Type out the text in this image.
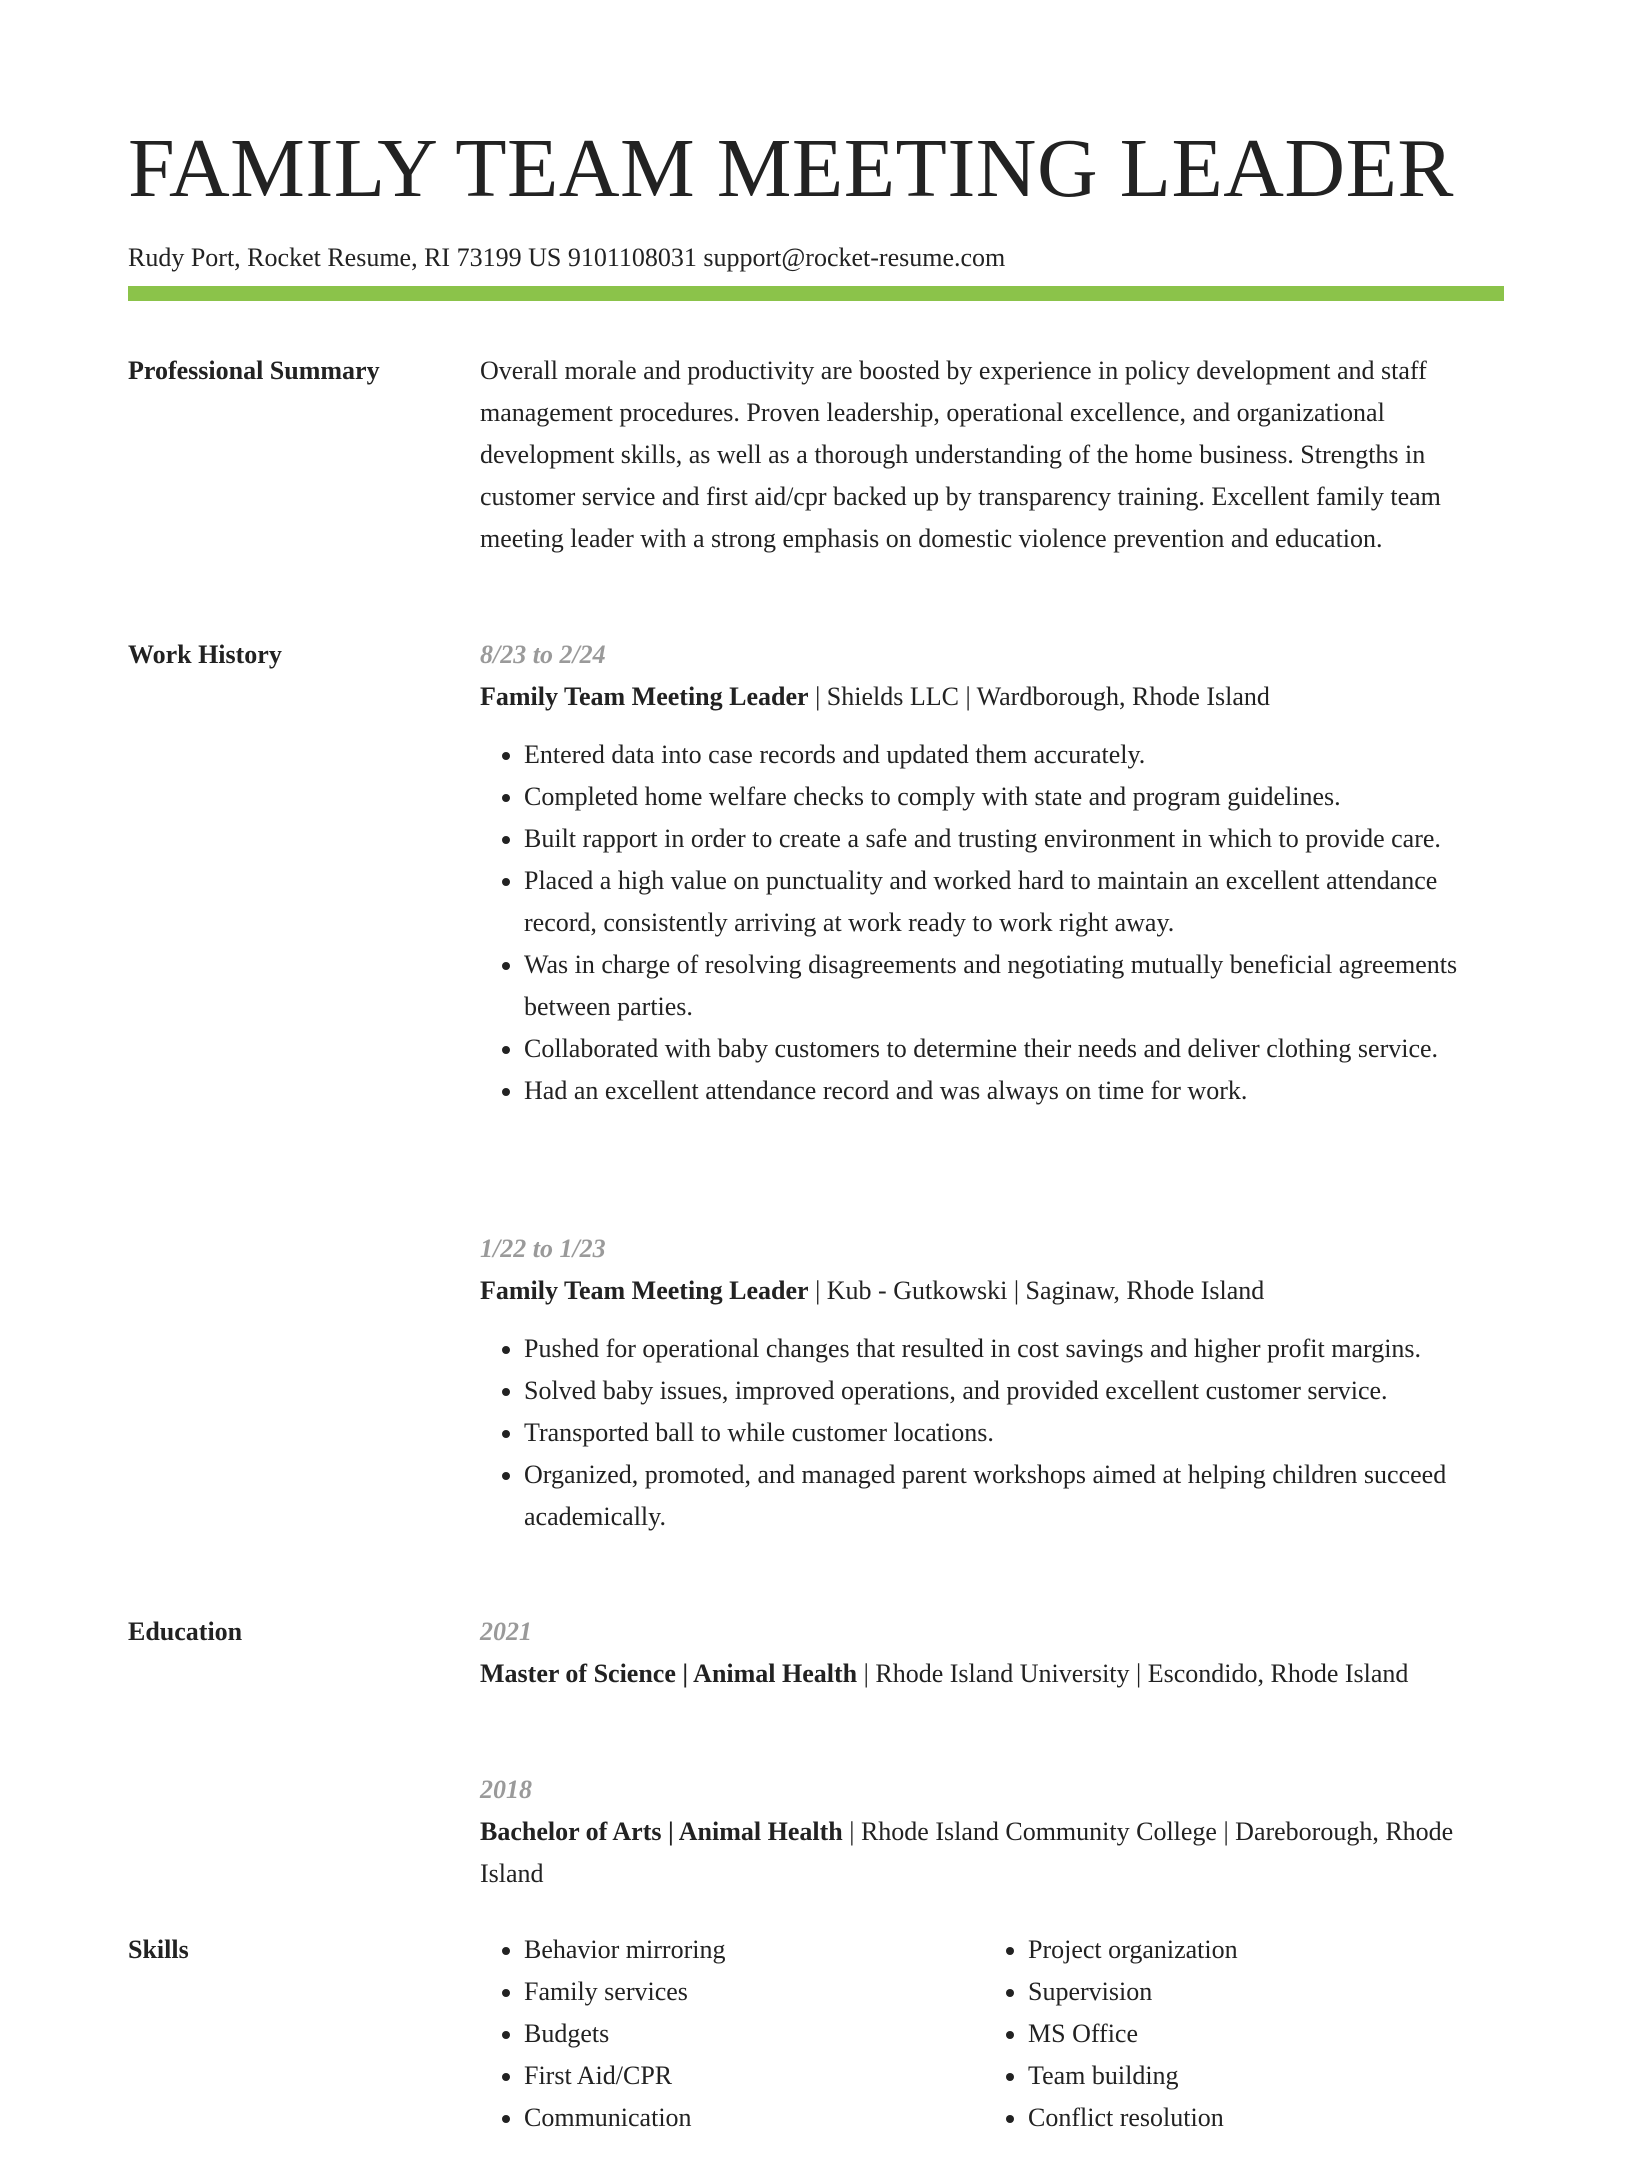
FAMILY TEAM MEETING LEADER
Rudy Port, Rocket Resume, RI 73199 US 9101108031 support@rocket-resume.com
Professional Summary	Overall morale and productivity are boosted by experience in policy development and staff management procedures. Proven leadership, operational excellence, and organizational development skills, as well as a thorough understanding of the home business. Strengths in customer service and first aid/cpr backed up by transparency training. Excellent family team meeting leader with a strong emphasis on domestic violence prevention and education.

Work History	8/23 to 2/24
Family Team Meeting Leader | Shields LLC | Wardborough, Rhode Island
• Entered data into case records and updated them accurately.
• Completed home welfare checks to comply with state and program guidelines.
• Built rapport in order to create a safe and trusting environment in which to provide care.
• Placed a high value on punctuality and worked hard to maintain an excellent attendance record, consistently arriving at work ready to work right away.
• Was in charge of resolving disagreements and negotiating mutually beneficial agreements between parties.
• Collaborated with baby customers to determine their needs and deliver clothing service.
• Had an excellent attendance record and was always on time for work.
1/22 to 1/23
Family Team Meeting Leader | Kub - Gutkowski | Saginaw, Rhode Island
• Pushed for operational changes that resulted in cost savings and higher profit margins.
• Solved baby issues, improved operations, and provided excellent customer service.
• Transported ball to while customer locations.
• Organized, promoted, and managed parent workshops aimed at helping children succeed academically.
Education	2021
Master of Science | Animal Health | Rhode Island University | Escondido, Rhode Island
2018
Bachelor of Arts | Animal Health | Rhode Island Community College | Dareborough, Rhode Island
Skills
•	Behavior mirroring
• Family services
• Budgets
• First Aid/CPR
• Communication
• Project organization
• Supervision
• MS Office
• Team building
• Conflict resolution
